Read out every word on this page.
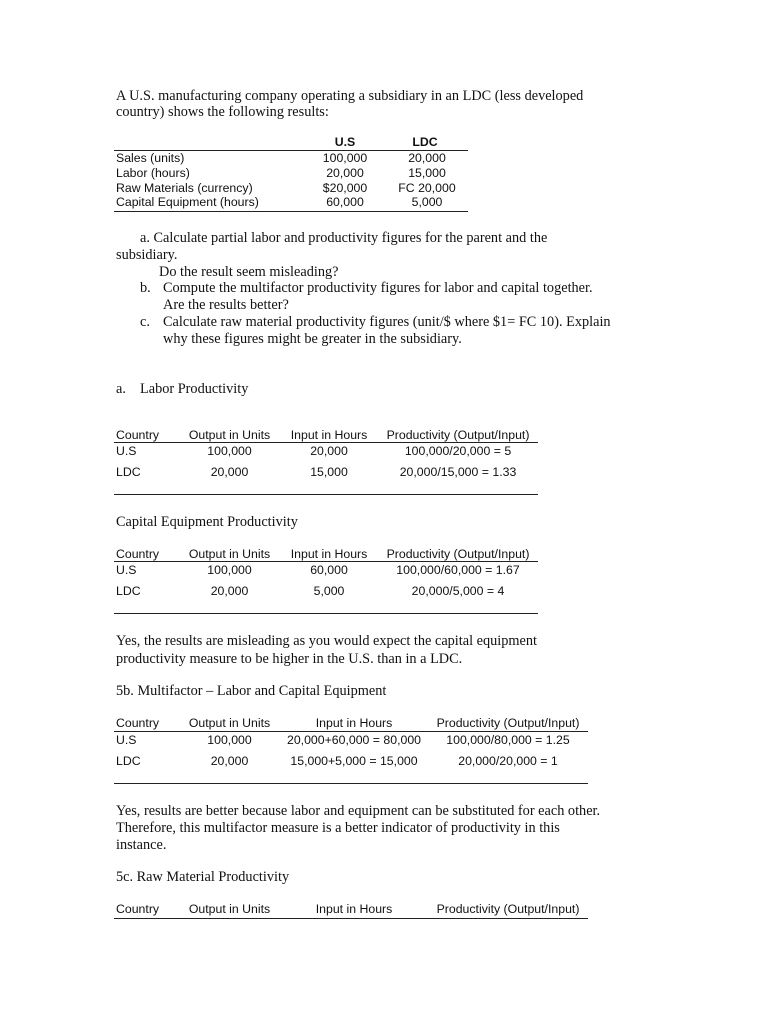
A U.S. manufacturing company operating a subsidiary in an LDC (less developed
country) shows the following results:
U.S	LDC
Sales (units)	100,000	20,000
Labor (hours)	20,000	15,000
Raw Materials (currency)	$20,000	FC 20,000
Capital Equipment (hours)	60,000	5,000
a. Calculate partial labor and productivity figures for the parent and the
subsidiary.
Do the result seem misleading?
b. Compute the multifactor productivity figures for labor and capital together.
Are the results better?
c. Calculate raw material productivity figures (unit/$ where $1= FC 10). Explain
why these figures might be greater in the subsidiary.
a. Labor Productivity
Country	Output in Units	Input in Hours	Productivity (Output/Input)
U.S	100,000	20,000	100,000/20,000 = 5
LDC	20,000	15,000	20,000/15,000 = 1.33
Capital Equipment Productivity
Country	Output in Units	Input in Hours	Productivity (Output/Input)
U.S	100,000	60,000	100,000/60,000 = 1.67
LDC	20,000	5,000	20,000/5,000 = 4
Yes, the results are misleading as you would expect the capital equipment
productivity measure to be higher in the U.S. than in a LDC.
5b. Multifactor – Labor and Capital Equipment
Country	Output in Units	Input in Hours	Productivity (Output/Input)
U.S	100,000	20,000+60,000 = 80,000	100,000/80,000 = 1.25
LDC	20,000	15,000+5,000 = 15,000	20,000/20,000 = 1
Yes, results are better because labor and equipment can be substituted for each other.
Therefore, this multifactor measure is a better indicator of productivity in this
instance.
5c. Raw Material Productivity
Country	Output in Units	Input in Hours	Productivity (Output/Input)
